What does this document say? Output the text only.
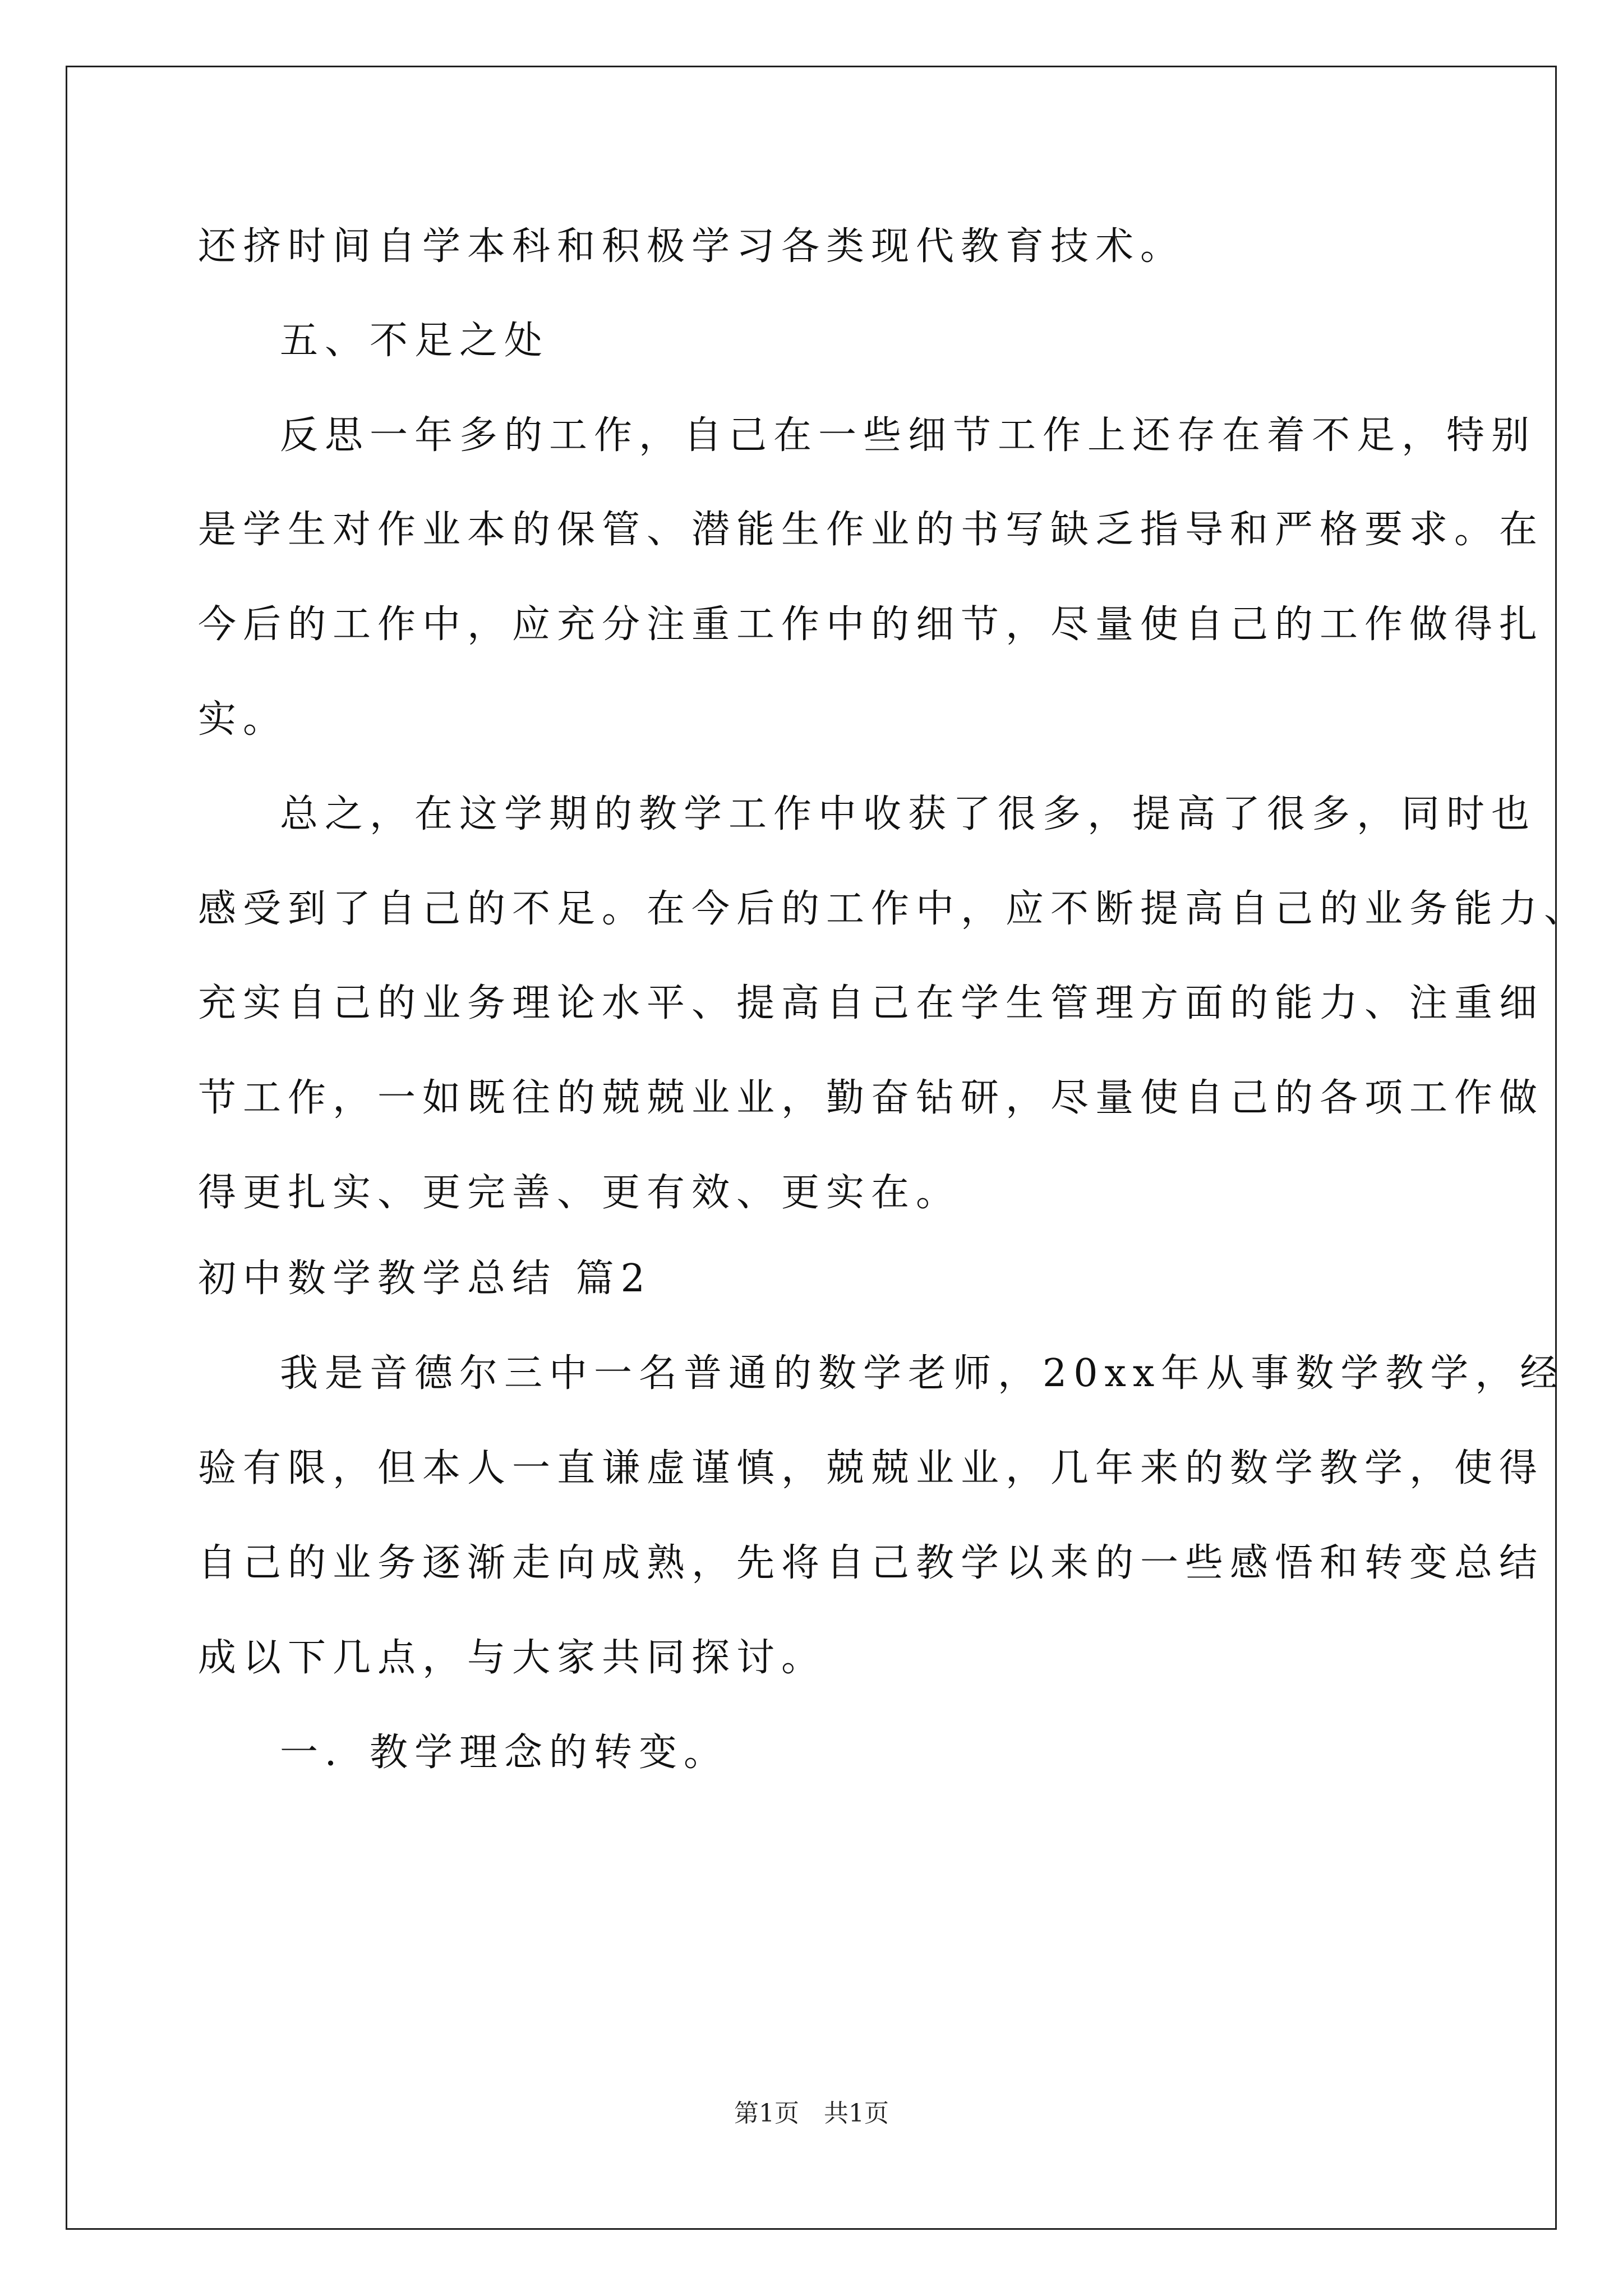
还挤时间自学本科和积极学习各类现代教育技术。
五、不足之处
反思一年多的工作，自己在一些细节工作上还存在着不足，特别
是学生对作业本的保管、潜能生作业的书写缺乏指导和严格要求。在
今后的工作中，应充分注重工作中的细节，尽量使自己的工作做得扎
实。
总之，在这学期的教学工作中收获了很多，提高了很多，同时也
感受到了自己的不足。在今后的工作中，应不断提高自己的业务能力、
充实自己的业务理论水平、提高自己在学生管理方面的能力、注重细
节工作，一如既往的兢兢业业，勤奋钻研，尽量使自己的各项工作做
得更扎实、更完善、更有效、更实在。
初中数学教学总结 篇2
我是音德尔三中一名普通的数学老师，20xx年从事数学教学，经
验有限，但本人一直谦虚谨慎，兢兢业业，几年来的数学教学，使得
自己的业务逐渐走向成熟，先将自己教学以来的一些感悟和转变总结
成以下几点，与大家共同探讨。
一．教学理念的转变。
第1页 共1页
